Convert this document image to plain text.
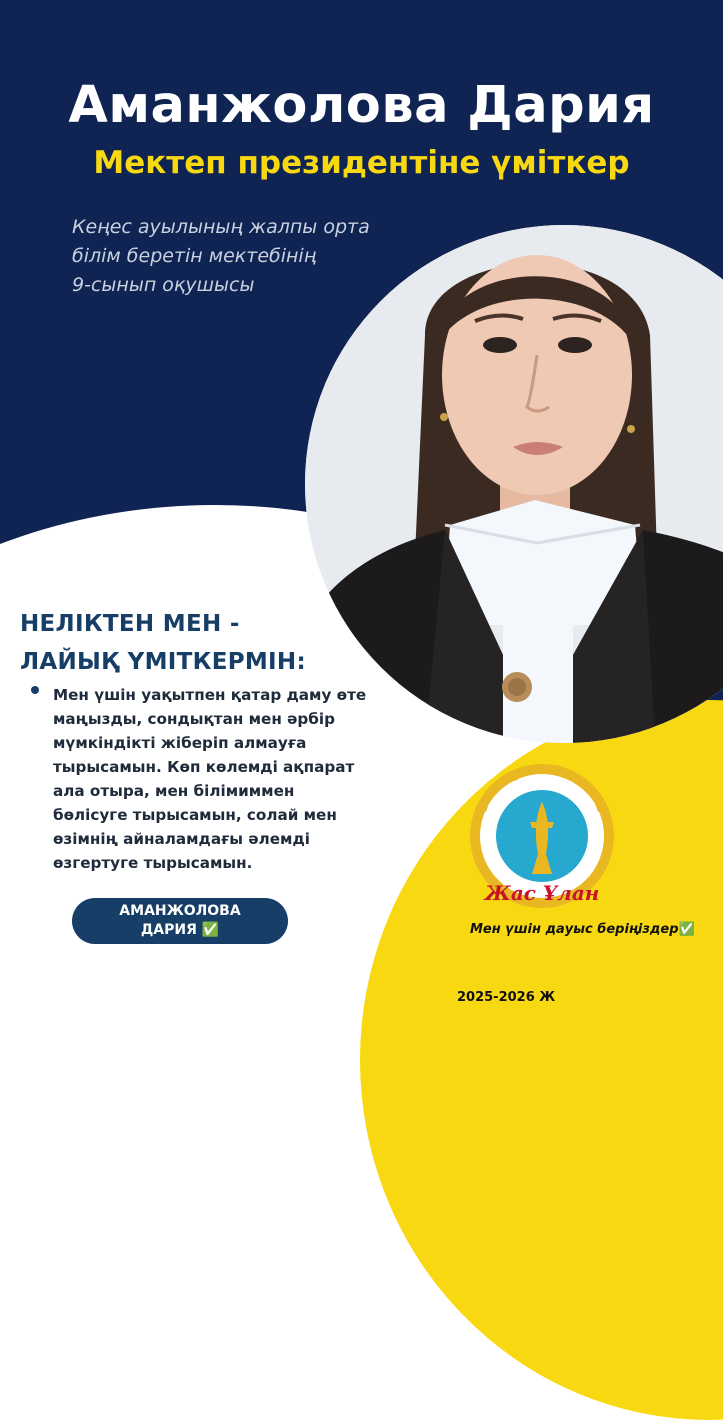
Аманжолова Дария
Мектеп президентіне үміткер
Кеңес ауылының жалпы орта
білім беретін мектебінің
9-сынып оқушысы
НЕЛІКТЕН МЕН -
ЛАЙЫҚ ҮМІТКЕРМІН:
Мен үшін уақытпен қатар даму өте маңызды, сондықтан мен әрбір мүмкіндікті жіберіп алмауға тырысамын. Көп көлемді ақпарат ала отыра, мен білімиммен бөлісуге тырысамын, солай мен өзімнің айналамдағы әлемді өзгертуге тырысамын.
АМАНЖОЛОВА
ДАРИЯ ✅
Жас Ұлан
Мен үшін дауыс беріңіздер✅
2025-2026 Ж
